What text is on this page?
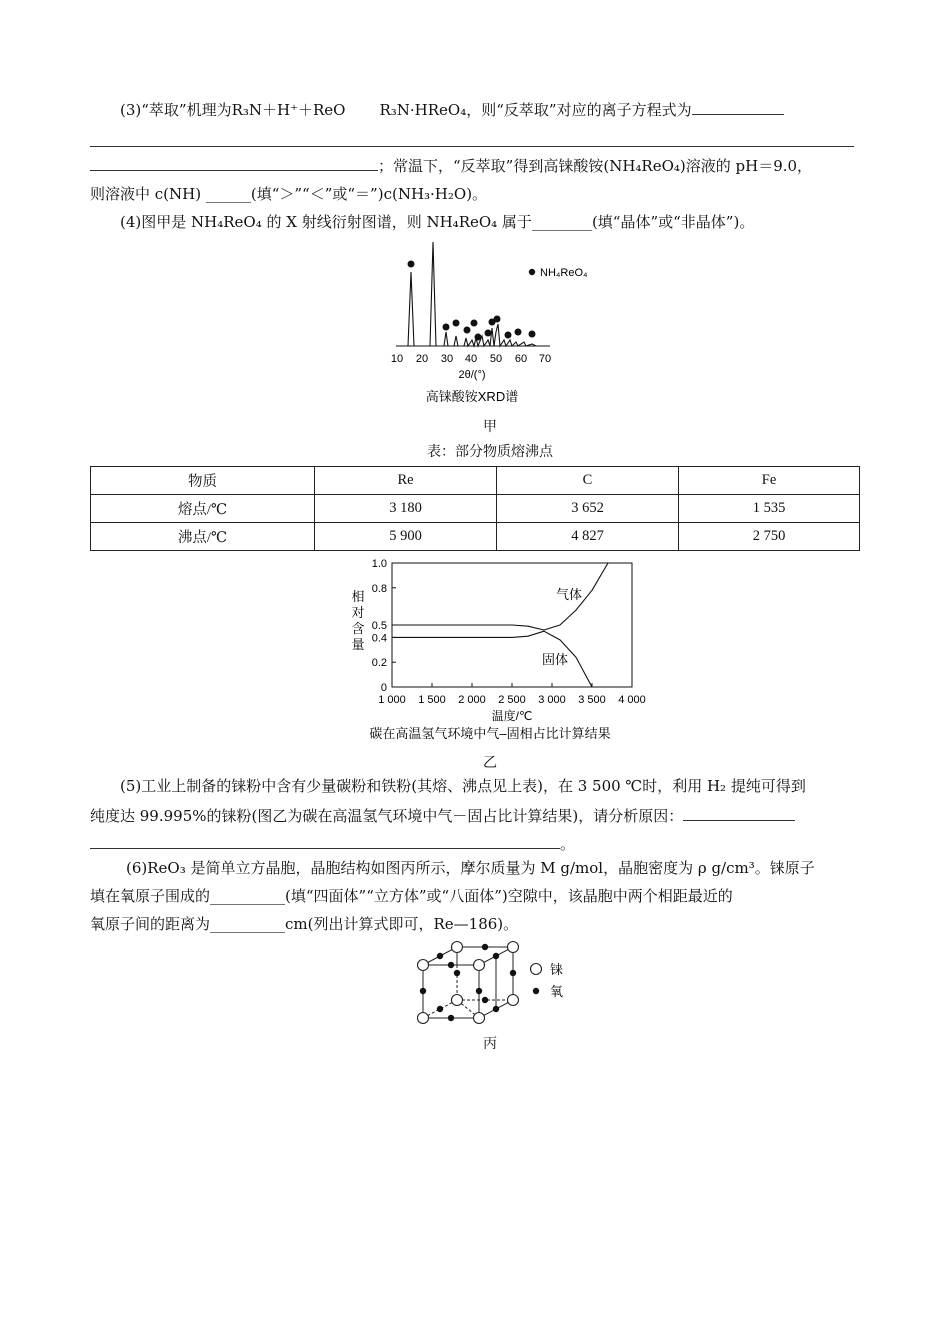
(3)“萃取”机理为R₃N＋H⁺＋ReO R₃N·HReO₄，则“反萃取”对应的离子方程式为
；常温下，“反萃取”得到高铼酸铵(NH₄ReO₄)溶液的 pH＝9.0，
则溶液中 c(NH) ______(填“＞”“＜”或“＝”)c(NH₃·H₂O)。
(4)图甲是 NH₄ReO₄ 的 X 射线衍射图谱，则 NH₄ReO₄ 属于________(填“晶体”或“非晶体”)。
NH₄ReO₄
10 20 30 40 50 60 70
2θ/(°)
高铼酸铵XRD谱
甲
表：部分物质熔沸点
物质	Re	C	Fe
熔点/℃	3 180	3 652	1 535
沸点/℃	5 900	4 827	2 750
1.0
0.8
0.5
0.4
0.2
0
1 000 1 500 2 000 2 500 3 000 3 500 4 000
相
对
含
量
气体
固体
温度/℃
碳在高温氢气环境中气–固相占比计算结果
乙
(5)工业上制备的铼粉中含有少量碳粉和铁粉(其熔、沸点见上表)，在 3 500 ℃时，利用 H₂ 提纯可得到
纯度达 99.995%的铼粉(图乙为碳在高温氢气环境中气－固占比计算结果)，请分析原因：
。
(6)ReO₃ 是简单立方晶胞，晶胞结构如图丙所示，摩尔质量为 M g/mol，晶胞密度为 ρ g/cm³。铼原子
填在氧原子围成的__________(填“四面体”“立方体”或“八面体”)空隙中，该晶胞中两个相距最近的
氧原子间的距离为__________cm(列出计算式即可，Re—186)。
铼
氧
丙
